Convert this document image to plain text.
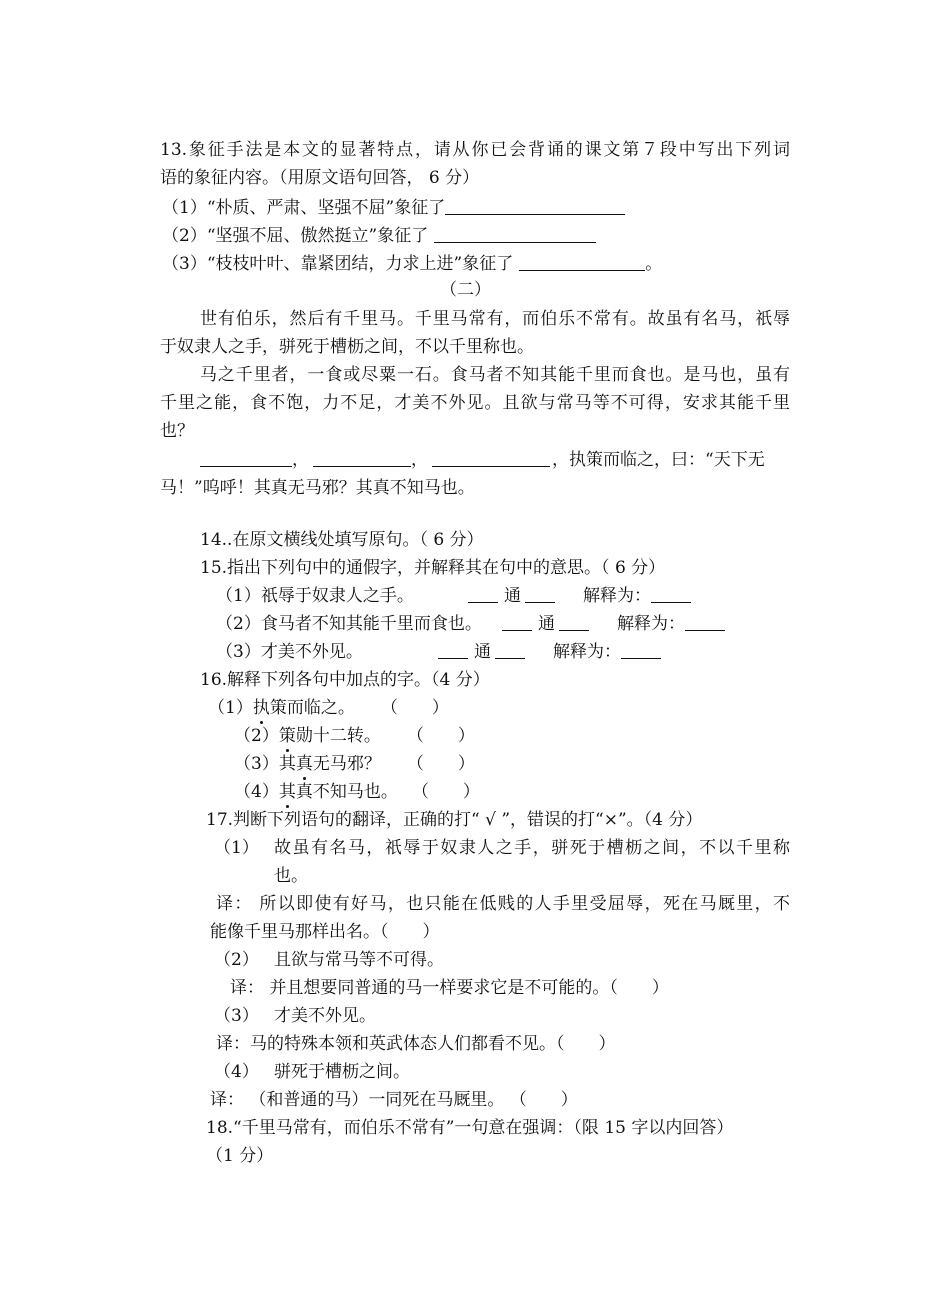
13.象征手法是本文的显著特点，请从你已会背诵的课文第７段中写出下列词
语的象征内容。（用原文语句回答， 6 分）
（1）“朴质、严肃、坚强不屈”象征了
（2）“坚强不屈、傲然挺立”象征了
（3）“枝枝叶叶、靠紧团结，力求上进”象征了	。
（二）
世有伯乐，然后有千里马。千里马常有，而伯乐不常有。故虽有名马，祇辱
于奴隶人之手，骈死于槽枥之间，不以千里称也。
马之千里者，一食或尽粟一石。食马者不知其能千里而食也。是马也，虽有
千里之能，食不饱，力不足，才美不外见。且欲与常马等不可得，安求其能千里
也？
，	，	，执策而临之，曰：“天下无
马！”呜呼！其真无马邪？其真不知马也。
14..在原文横线处填写原句。（ 6 分）
15.指出下列句中的通假字，并解释其在句中的意思。（ 6 分）
（1）祇辱于奴隶人之手。	通	解释为：
（2）食马者不知其能千里而食也。	通	解释为：
（3）才美不外见。	通	解释为：
16.解释下列各句中加点的字。（4 分）
（1）执策而临之。 （　　）
（2）策勋十二转。 （　　）
（3）其真无马邪？ （　　）
（4）其真不知马也。 （　　）
17.判断下列语句的翻译，正确的打“ √ ”，错误的打“×”。（4 分）
（1） 故虽有名马，祇辱于奴隶人之手，骈死于槽枥之间，不以千里称
也。
译： 所以即使有好马，也只能在低贱的人手里受屈辱，死在马厩里，不
能像千里马那样出名。（　　）
（2） 且欲与常马等不可得。
译： 并且想要同普通的马一样要求它是不可能的。（　　）
（3） 才美不外见。
译：马的特殊本领和英武体态人们都看不见。（　　）
（4） 骈死于槽枥之间。
译： （和普通的马）一同死在马厩里。 （　　）
18.“千里马常有，而伯乐不常有”一句意在强调：（限 15 字以内回答）
（1 分）
